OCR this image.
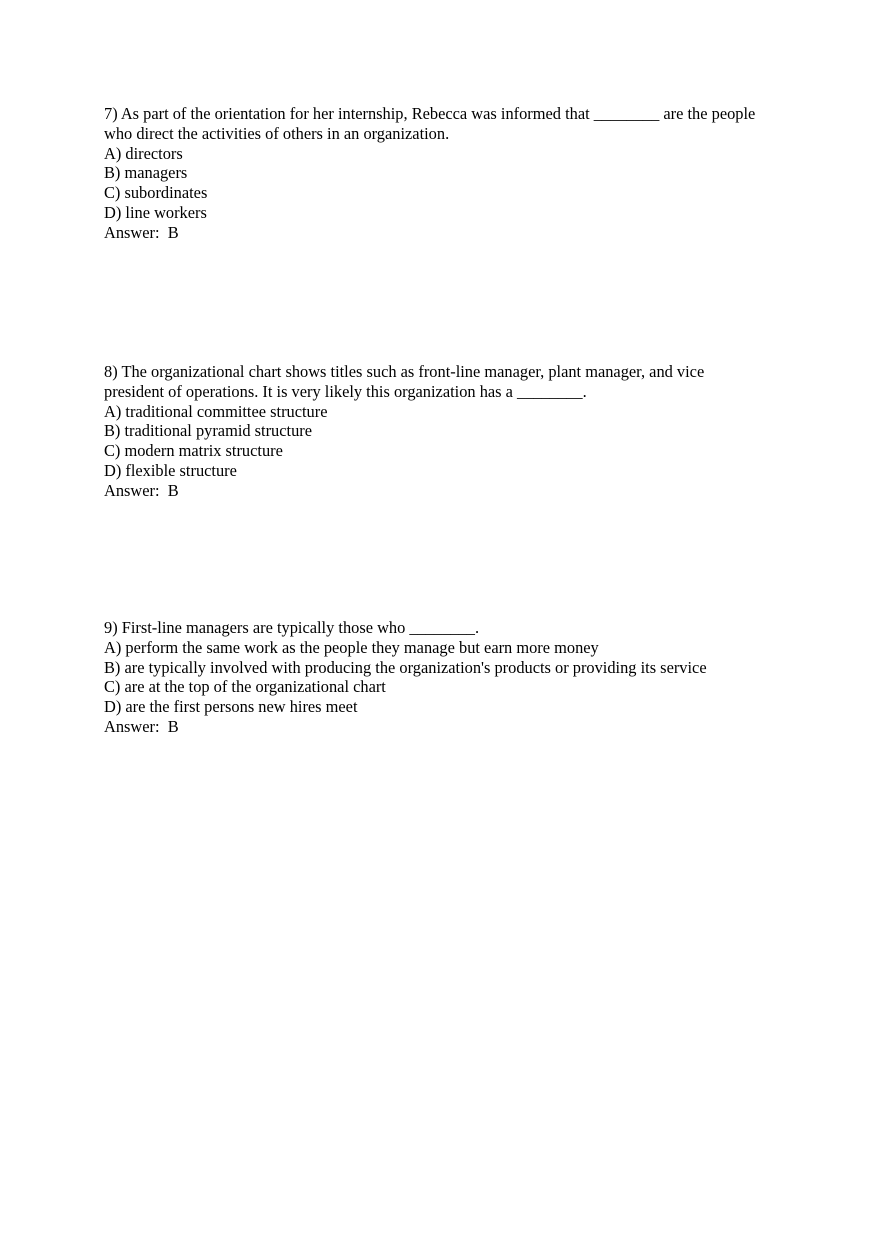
7) As part of the orientation for her internship, Rebecca was informed that ________ are the people who direct the activities of others in an organization.

A) directors

B) managers

C) subordinates

D) line workers

Answer:  B

8) The organizational chart shows titles such as front-line manager, plant manager, and vice president of operations. It is very likely this organization has a ________.

A) traditional committee structure

B) traditional pyramid structure

C) modern matrix structure

D) flexible structure

Answer:  B

9) First-line managers are typically those who ________.

A) perform the same work as the people they manage but earn more money

B) are typically involved with producing the organization's products or providing its service

C) are at the top of the organizational chart

D) are the first persons new hires meet

Answer:  B
